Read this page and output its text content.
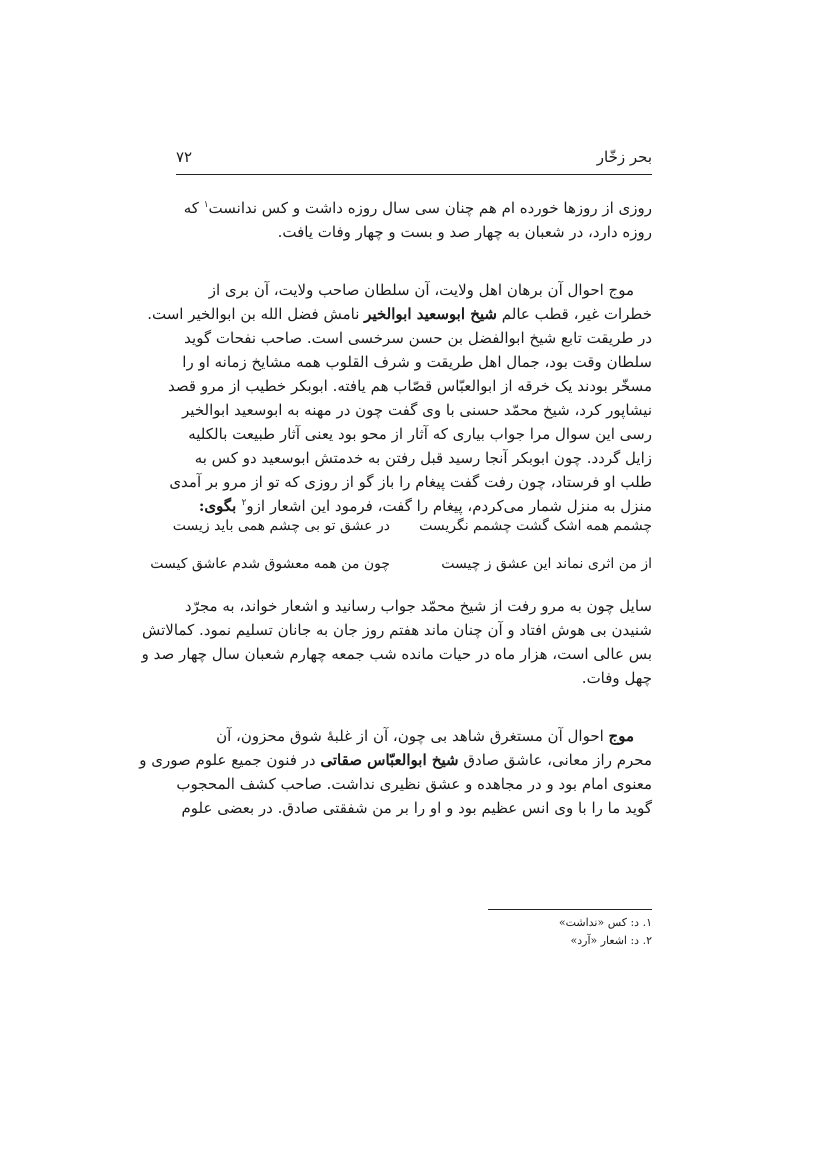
بحر زخّار
۷۲
روزی از روزها خورده ام هم چنان سی سال روزه داشت و کس ندانست$^۱$ که
روزه دارد، در شعبان به چهار صد و بست و چهار وفات یافت.
موج احوال آن برهان اهل ولایت، آن سلطان صاحب ولایت، آن بری از
خطرات غیر، قطب عالم شیخ ابوسعید ابوالخیر نامش فضل الله بن ابوالخیر است.
در طریقت تابع شیخ ابوالفضل بن حسن سرخسی است. صاحب نفحات گوید
سلطان وقت بود، جمال اهل طریقت و شرف القلوب همه مشایخ زمانه او را
مسخّر بودند یک خرقه از ابوالعبّاس قصّاب هم یافته. ابوبکر خطیب از مرو قصد
نیشاپور کرد، شیخ محمّد حسنی با وی گفت چون در مهنه به ابوسعید ابوالخیر
رسی این سوال مرا جواب بیاری که آثار از محو بود یعنی آثار طبیعت بالکلیه
زایل گردد. چون ابوبکر آنجا رسید قبل رفتن به خدمتش ابوسعید دو کس به
طلب او فرستاد، چون رفت گفت پیغام را باز گو از روزی که تو از مرو بر آمدی
منزل به منزل شمار می‌کردم، پیغام را گفت، فرمود این اشعار ازو$^۲$ بگوی:
چشمم همه اشک گشت چشمم نگریست
در عشق تو بی چشم همی باید زیست
از من اثری نماند این عشق ز چیست
چون من همه معشوق شدم عاشق کیست
سایل چون به مرو رفت از شیخ محمّد جواب رسانید و اشعار خواند، به مجرّد
شنیدن بی هوش افتاد و آن چنان ماند هفتم روز جان به جانان تسلیم نمود. کمالاتش
بس عالی است، هزار ماه در حیات مانده شب جمعه چهارم شعبان سال چهار صد و
چهل وفات.
موج احوال آن مستغرق شاهد بی چون، آن از غلبهٔ شوق محزون، آن
محرم راز معانی، عاشق صادق شیخ ابوالعبّاس صقاتی در فنون جمیع علوم صوری و
معنوی امام بود و در مجاهده و عشق نظیری نداشت. صاحب کشف المحجوب
گوید ما را با وی انس عظیم بود و او را بر من شفقتی صادق. در بعضی علوم
۱. د: کس «نداشت»
۲. د: اشعار «آرد»
